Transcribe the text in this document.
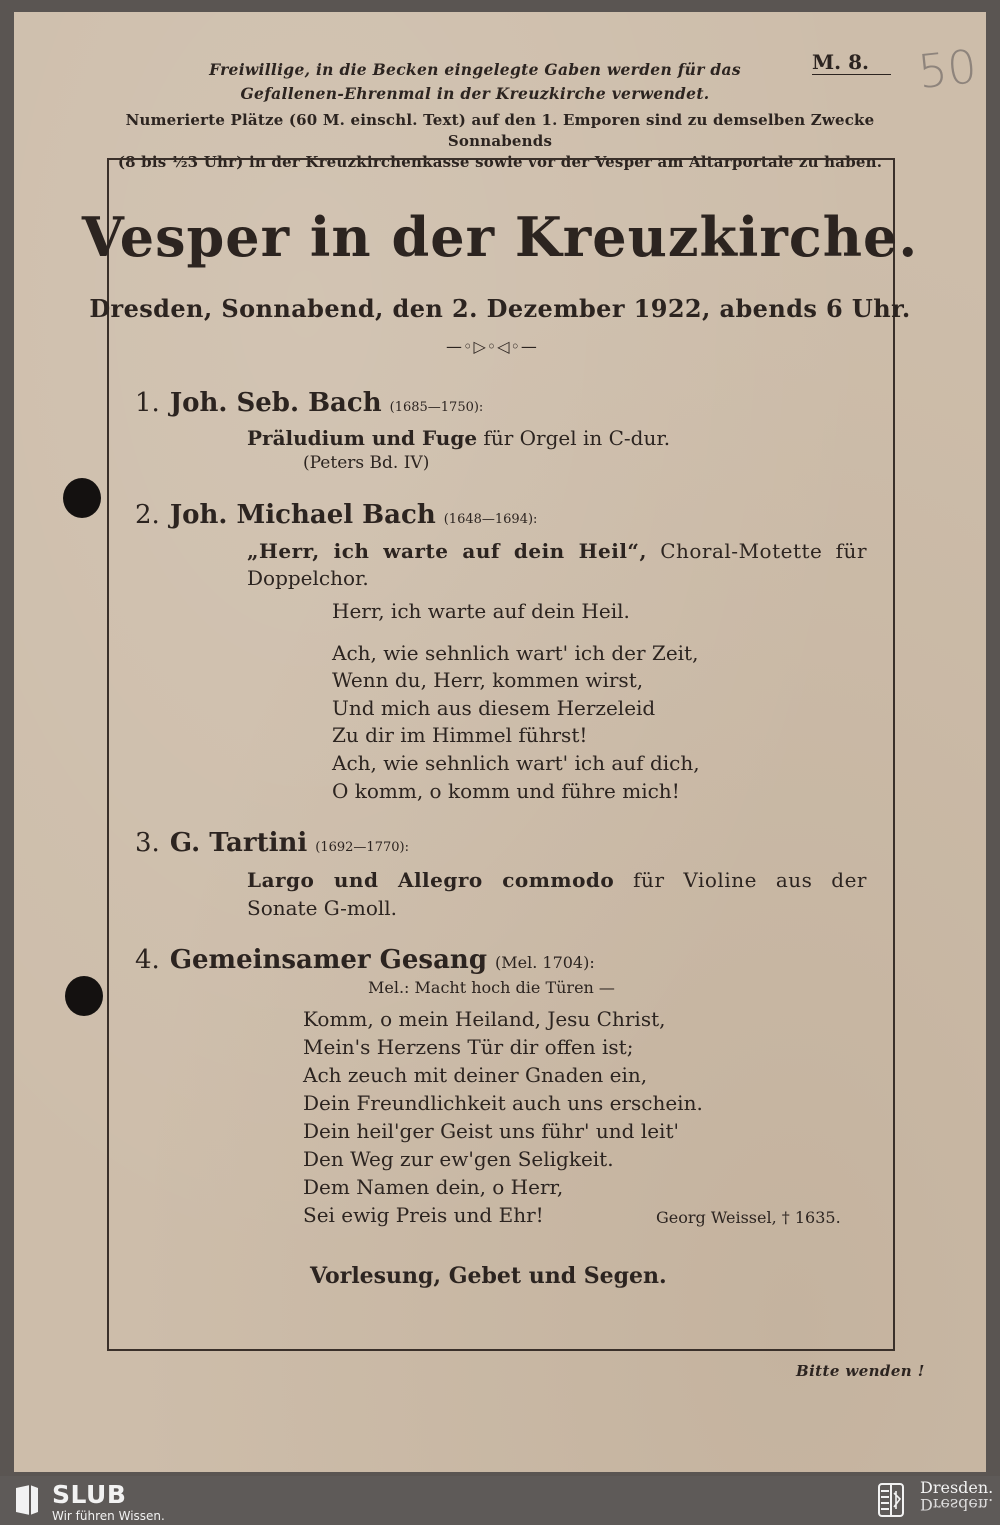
Freiwillige, in die Becken eingelegte Gaben werden für das
Gefallenen-Ehrenmal in der Kreuzkirche verwendet.
M. 8.	50
Numerierte Plätze (60 M. einschl. Text) auf den 1. Emporen sind zu demselben Zwecke Sonnabends
(8 bis ½3 Uhr) in der Kreuzkirchenkasse sowie vor der Vesper am Altarportale zu haben.
Vesper in der Kreuzkirche.
Dresden, Sonnabend, den 2. Dezember 1922, abends 6 Uhr.
—◦▷◦◁◦—
1. Joh. Seb. Bach (1685—1750):
Präludium und Fuge für Orgel in C-dur.
(Peters Bd. IV)
2. Joh. Michael Bach (1648—1694):
„Herr, ich warte auf dein Heil“, Choral-Motette für
Doppelchor.
Herr, ich warte auf dein Heil.
Ach, wie sehnlich wart' ich der Zeit,
Wenn du, Herr, kommen wirst,
Und mich aus diesem Herzeleid
Zu dir im Himmel führst!
Ach, wie sehnlich wart' ich auf dich,
O komm, o komm und führe mich!
3. G. Tartini (1692—1770):
Largo und Allegro commodo für Violine aus der
Sonate G-moll.
4. Gemeinsamer Gesang (Mel. 1704):
Mel.: Macht hoch die Türen —
Komm, o mein Heiland, Jesu Christ,
Mein's Herzens Tür dir offen ist;
Ach zeuch mit deiner Gnaden ein,
Dein Freundlichkeit auch uns erschein.
Dein heil'ger Geist uns führ' und leit'
Den Weg zur ew'gen Seligkeit.
Dem Namen dein, o Herr,
Sei ewig Preis und Ehr!	Georg Weissel, † 1635.
Vorlesung, Gebet und Segen.
Bitte wenden !
SLUB
Wir führen Wissen.
Dresden.
Dresden.
